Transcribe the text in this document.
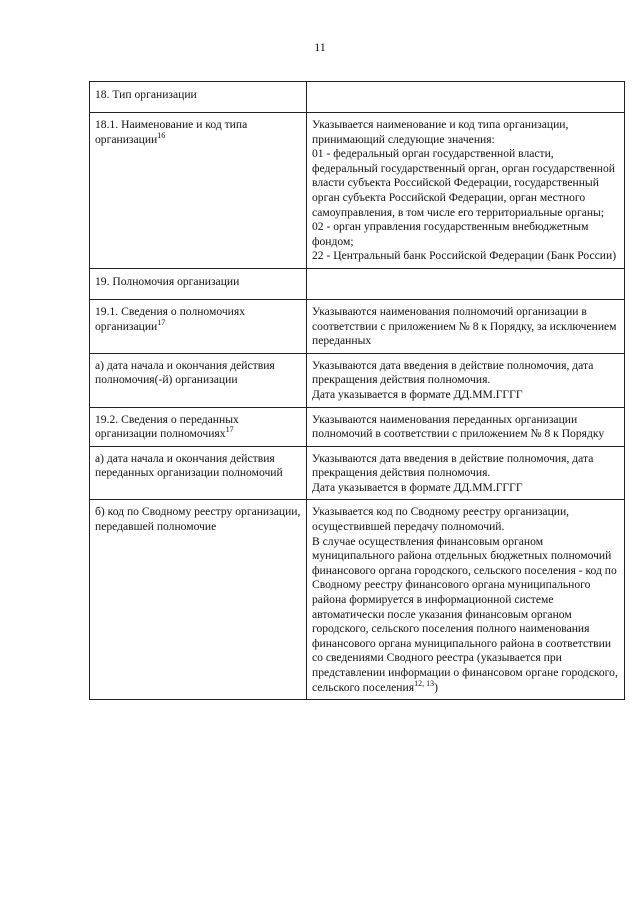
11
18. Тип организации	
18.1. Наименование и код типа организации$^{16}$	Указывается наименование и код типа организации, принимающий следующие значения:
01 - федеральный орган государственной власти, федеральный государственный орган, орган государственной власти субъекта Российской Федерации, государственный орган субъекта Российской Федерации, орган местного самоуправления, в том числе его территориальные органы;
02 - орган управления государственным внебюджетным фондом;
22 - Центральный банк Российской Федерации (Банк России)

19. Полномочия организации	
19.1. Сведения о полномочиях организации$^{17}$	Указываются наименования полномочий организации в соответствии с приложением № 8 к Порядку, за исключением переданных

а) дата начала и окончания действия полномочия(-й) организации	Указываются дата введения в действие полномочия, дата прекращения действия полномочия.
Дата указывается в формате ДД.ММ.ГГГГ

19.2. Сведения о переданных организации полномочиях$^{17}$	Указываются наименования переданных организации полномочий в соответствии с приложением № 8 к Порядку

а) дата начала и окончания действия переданных организации полномочий	Указываются дата введения в действие полномочия, дата прекращения действия полномочия.
Дата указывается в формате ДД.ММ.ГГГГ

б) код по Сводному реестру организации, передавшей полномочие	Указывается код по Сводному реестру организации, осуществившей передачу полномочий.
В случае осуществления финансовым органом муниципального района отдельных бюджетных полномочий финансового органа городского, сельского поселения - код по Сводному реестру финансового органа муниципального района формируется в информационной системе автоматически после указания финансовым органом городского, сельского поселения полного наименования финансового органа муниципального района в соответствии со сведениями Сводного реестра (указывается при представлении информации о финансовом органе городского, сельского поселения$^{12, 13}$)
